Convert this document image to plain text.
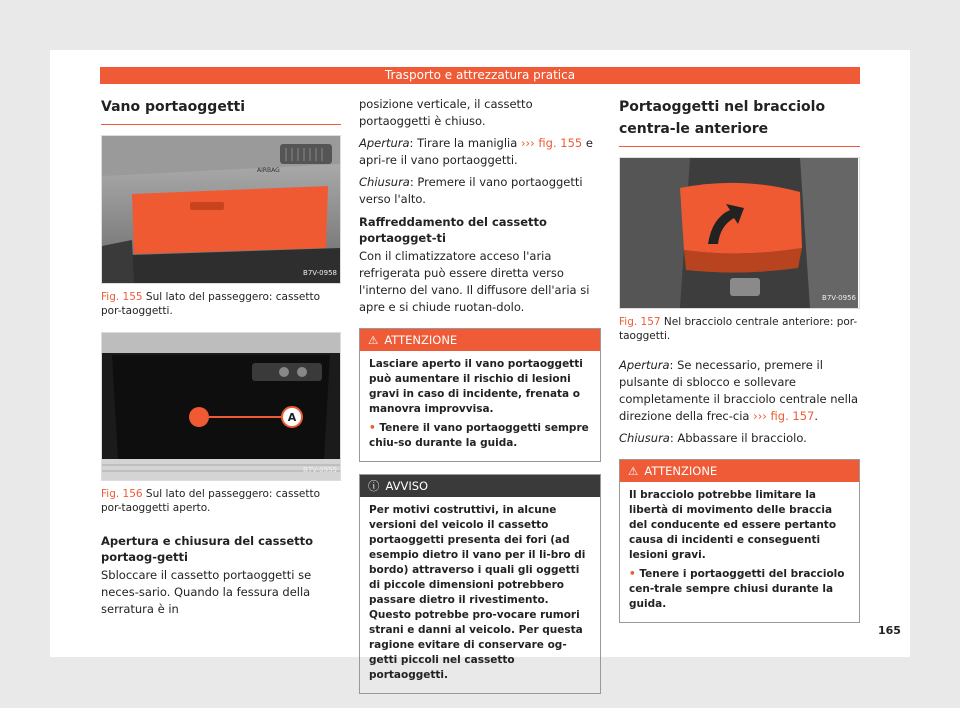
Trasporto e attrezzatura pratica
Vano portaoggetti
AIRBAG
B7V-0958
Fig. 155 Sul lato del passeggero: cassetto por-taoggetti.
A
B7V-0959
Fig. 156 Sul lato del passeggero: cassetto por-taoggetti aperto.
Apertura e chiusura del cassetto portaog-getti

Sbloccare il cassetto portaoggetti se neces-sario. Quando la fessura della serratura è in

posizione verticale, il cassetto portaoggetti è chiuso.

Apertura: Tirare la maniglia ››› fig. 155 e apri-re il vano portaoggetti.

Chiusura: Premere il vano portaoggetti verso l'alto.

Raffreddamento del cassetto portaogget-ti

Con il climatizzatore acceso l'aria refrigerata può essere diretta verso l'interno del vano. Il diffusore dell'aria si apre e si chiude ruotan-dolo.

⚠ ATTENZIONE

Lasciare aperto il vano portaoggetti può aumentare il rischio di lesioni gravi in caso di incidente, frenata o manovra improvvisa.

• Tenere il vano portaoggetti sempre chiu-so durante la guida.

ⓘ AVVISO

Per motivi costruttivi, in alcune versioni del veicolo il cassetto portaoggetti presenta dei fori (ad esempio dietro il vano per il li-bro di bordo) attraverso i quali gli oggetti di piccole dimensioni potrebbero passare dietro il rivestimento. Questo potrebbe pro-vocare rumori strani e danni al veicolo. Per questa ragione evitare di conservare og-getti piccoli nel cassetto portaoggetti.

Portaoggetti nel bracciolo centra-le anteriore
B7V-0956
Fig. 157 Nel bracciolo centrale anteriore: por-taoggetti.

Apertura: Se necessario, premere il pulsante di sblocco e sollevare completamente il bracciolo centrale nella direzione della frec-cia ››› fig. 157.

Chiusura: Abbassare il bracciolo.

⚠ ATTENZIONE

Il bracciolo potrebbe limitare la libertà di movimento delle braccia del conducente ed essere pertanto causa di incidenti e conseguenti lesioni gravi.

• Tenere i portaoggetti del bracciolo cen-trale sempre chiusi durante la guida.

165
